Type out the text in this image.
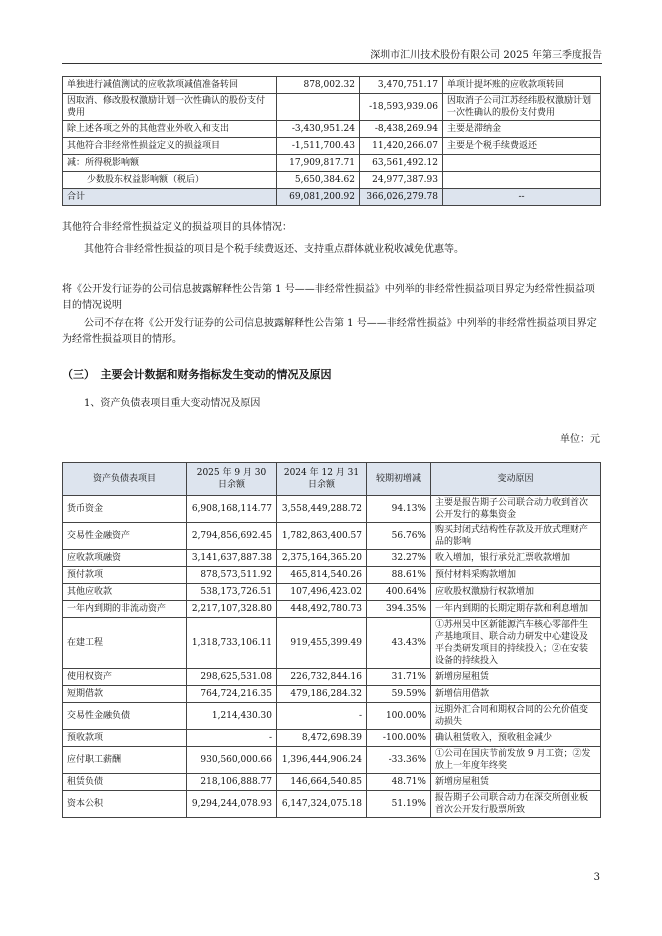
深圳市汇川技术股份有限公司 2025 年第三季度报告
单独进行减值测试的应收款项减值准备转回	878,002.32	3,470,751.17	单项计提坏账的应收款项转回
因取消、修改股权激励计划一次性确认的股份支付费用		-18,593,939.06	因取消子公司江苏经纬股权激励计划一次性确认的股份支付费用
除上述各项之外的其他营业外收入和支出	-3,430,951.24	-8,438,269.94	主要是滞纳金
其他符合非经常性损益定义的损益项目	-1,511,700.43	11,420,266.07	主要是个税手续费返还
减：所得税影响额	17,909,817.71	63,561,492.12	
少数股东权益影响额（税后）	5,650,384.62	24,977,387.93	
合计	69,081,200.92	366,026,279.78	--
其他符合非经常性损益定义的损益项目的具体情况：
其他符合非经常性损益的项目是个税手续费返还、支持重点群体就业税收减免优惠等。
将《公开发行证券的公司信息披露解释性公告第 1 号——非经常性损益》中列举的非经常性损益项目界定为经常性损益项目的情况说明
公司不存在将《公开发行证券的公司信息披露解释性公告第 1 号——非经常性损益》中列举的非经常性损益项目界定为经常性损益项目的情形。
（三）　主要会计数据和财务指标发生变动的情况及原因
1、资产负债表项目重大变动情况及原因
单位：元
资产负债表项目	2025 年 9 月 30 日余额	2024 年 12 月 31 日余额	较期初增减	变动原因
货币资金	6,908,168,114.77	3,558,449,288.72	94.13%	主要是报告期子公司联合动力收到首次公开发行的募集资金
交易性金融资产	2,794,856,692.45	1,782,863,400.57	56.76%	购买封闭式结构性存款及开放式理财产品的影响
应收款项融资	3,141,637,887.38	2,375,164,365.20	32.27%	收入增加，银行承兑汇票收款增加
预付款项	878,573,511.92	465,814,540.26	88.61%	预付材料采购款增加
其他应收款	538,173,726.51	107,496,423.02	400.64%	应收股权激励行权款增加
一年内到期的非流动资产	2,217,107,328.80	448,492,780.73	394.35%	一年内到期的长期定期存款和利息增加
在建工程	1,318,733,106.11	919,455,399.49	43.43%	①苏州吴中区新能源汽车核心零部件生产基地项目、联合动力研发中心建设及平台类研发项目的持续投入；②在安装设备的持续投入
使用权资产	298,625,531.08	226,732,844.16	31.71%	新增房屋租赁
短期借款	764,724,216.35	479,186,284.32	59.59%	新增信用借款
交易性金融负债	1,214,430.30	-	100.00%	远期外汇合同和期权合同的公允价值变动损失
预收款项	-	8,472,698.39	-100.00%	确认租赁收入，预收租金减少
应付职工薪酬	930,560,000.66	1,396,444,906.24	-33.36%	①公司在国庆节前发放 9 月工资；②发放上一年度年终奖
租赁负债	218,106,888.77	146,664,540.85	48.71%	新增房屋租赁
资本公积	9,294,244,078.93	6,147,324,075.18	51.19%	报告期子公司联合动力在深交所创业板首次公开发行股票所致
3
